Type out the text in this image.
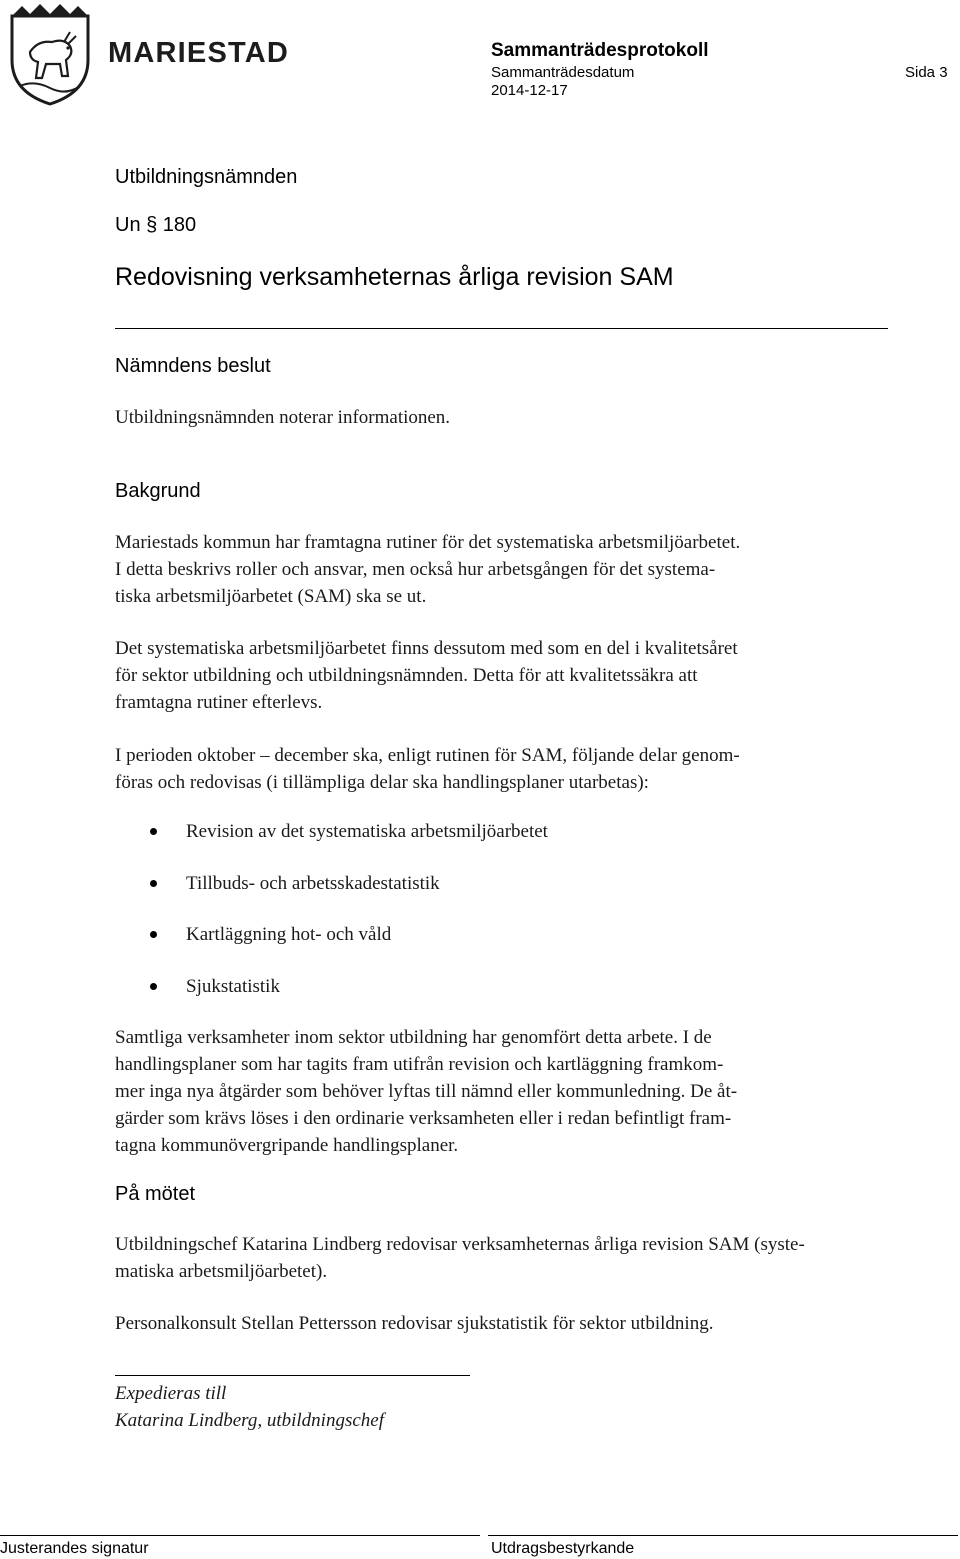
MARIESTAD	Sammanträdesprotokoll
Sammanträdesdatum
2014-12-17
Sida 3
Utbildningsnämnden
Un § 180
Redovisning verksamheternas årliga revision SAM
Nämndens beslut
Utbildningsnämnden noterar informationen.
Bakgrund
Mariestads kommun har framtagna rutiner för det systematiska arbetsmiljöarbetet.
I detta beskrivs roller och ansvar, men också hur arbetsgången för det systema-
tiska arbetsmiljöarbetet (SAM) ska se ut.
Det systematiska arbetsmiljöarbetet finns dessutom med som en del i kvalitetsåret
för sektor utbildning och utbildningsnämnden. Detta för att kvalitetssäkra att
framtagna rutiner efterlevs.
I perioden oktober – december ska, enligt rutinen för SAM, följande delar genom-
föras och redovisas (i tillämpliga delar ska handlingsplaner utarbetas):
Revision av det systematiska arbetsmiljöarbetet
Tillbuds- och arbetsskadestatistik
Kartläggning hot- och våld
Sjukstatistik
Samtliga verksamheter inom sektor utbildning har genomfört detta arbete. I de
handlingsplaner som har tagits fram utifrån revision och kartläggning framkom-
mer inga nya åtgärder som behöver lyftas till nämnd eller kommunledning. De åt-
gärder som krävs löses i den ordinarie verksamheten eller i redan befintligt fram-
tagna kommunövergripande handlingsplaner.
På mötet
Utbildningschef Katarina Lindberg redovisar verksamheternas årliga revision SAM (syste-
matiska arbetsmiljöarbetet).
Personalkonsult Stellan Pettersson redovisar sjukstatistik för sektor utbildning.
Expedieras till
Katarina Lindberg, utbildningschef
Justerandes signatur	Utdragsbestyrkande
